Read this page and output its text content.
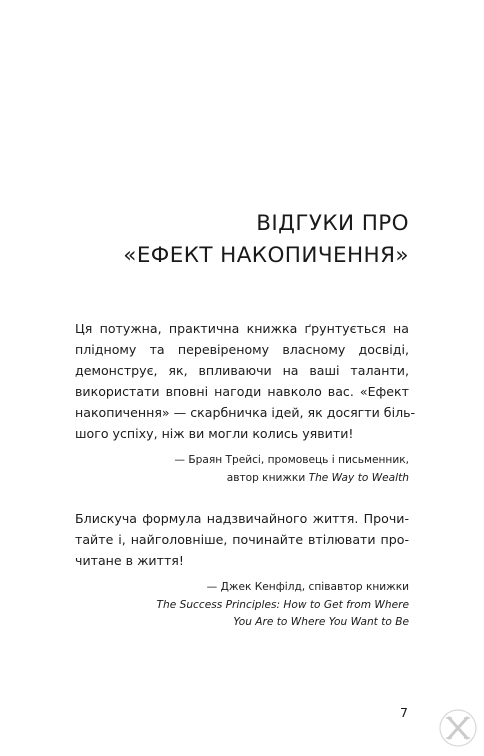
ВІДГУКИ ПРО
«ЕФЕКТ НАКОПИЧЕННЯ»

Ця потужна, практична книжка ґрунтується на
плідному та перевіреному власному досвіді,
демонструє, як, впливаючи на ваші таланти,
використати вповні нагоди навколо вас. «Ефект
накопичення» — скарбничка ідей, як досягти біль-
шого успіху, ніж ви могли колись уявити!

— Браян Трейсі, промовець і письменник,
автор книжки The Way to Wealth

Блискуча формула надзвичайного життя. Прочи-
тайте і, найголовніше, починайте втілювати про-
читане в життя!

— Джек Кенфілд, співавтор книжки
The Success Principles: How to Get from Where
You Are to Where You Want to Be
7
